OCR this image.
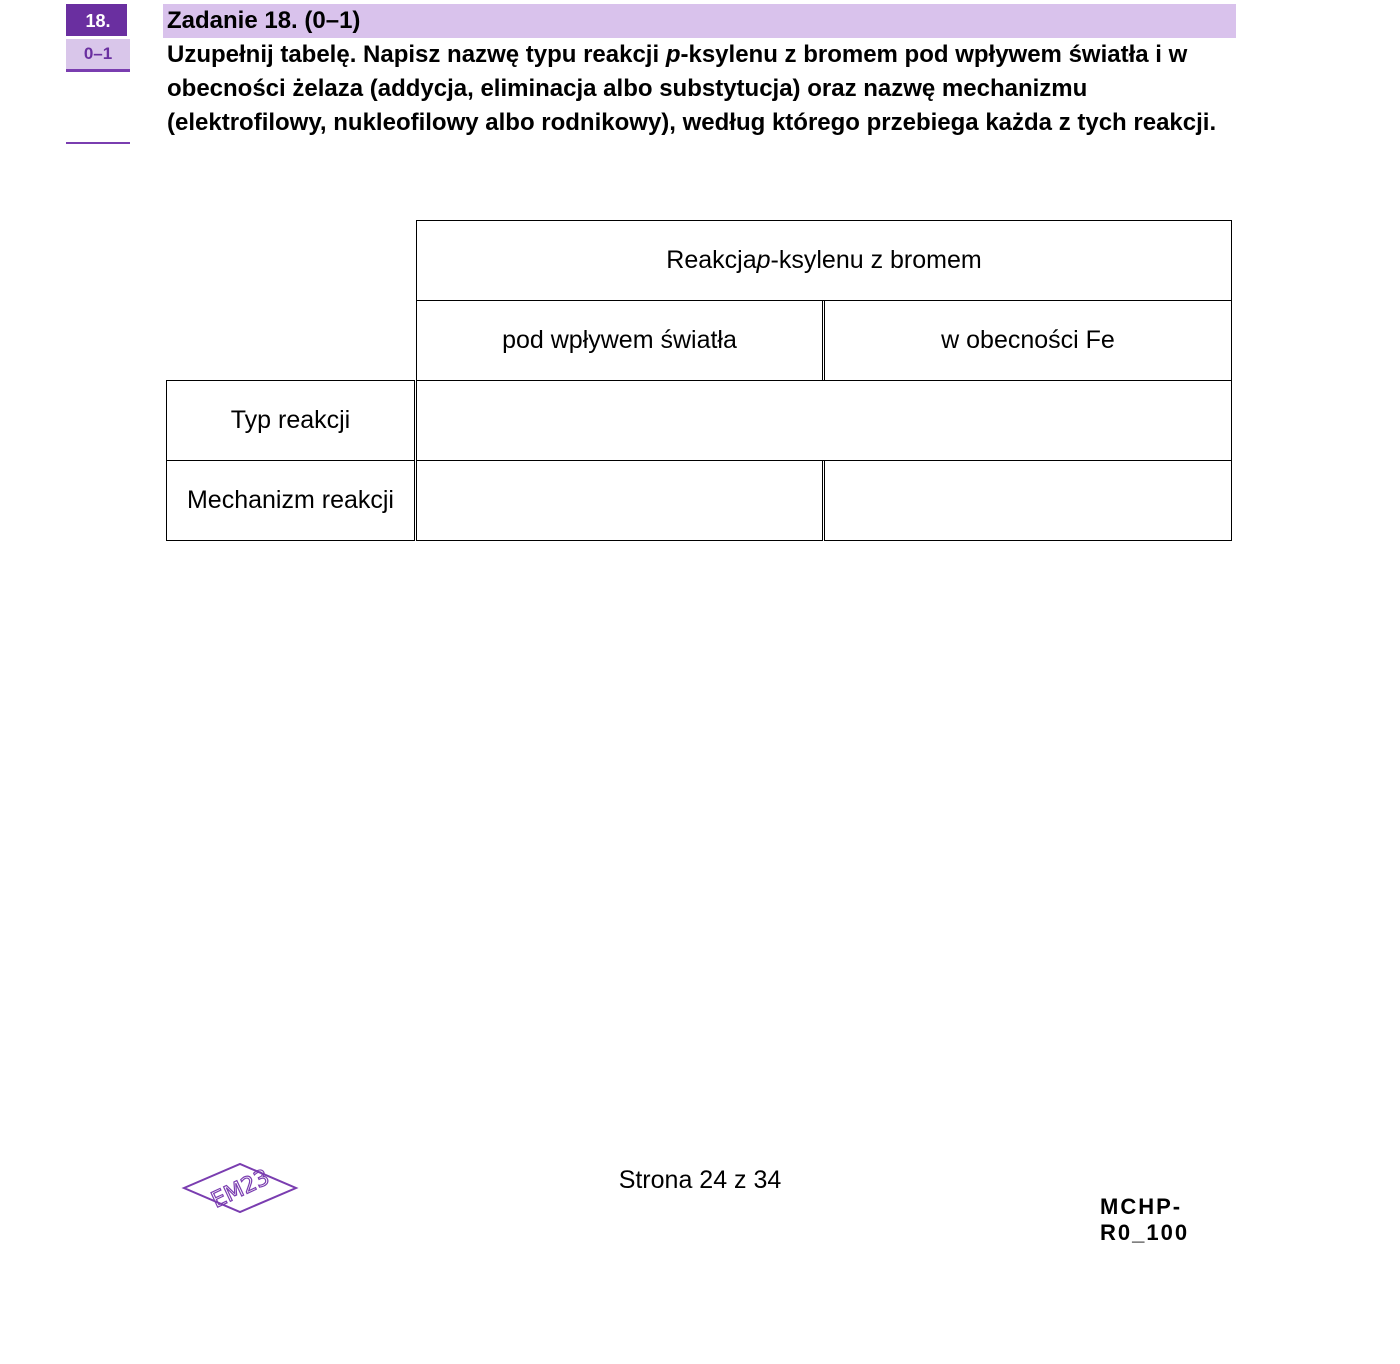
18.
0–1
Zadanie 18. (0–1)
Uzupełnij tabelę. Napisz nazwę typu reakcji p-ksylenu z bromem pod wpływem światła i w obecności żelaza (addycja, eliminacja albo substytucja) oraz nazwę mechanizmu (elektrofilowy, nukleofilowy albo rodnikowy), według którego przebiega każda z tych reakcji.
Reakcja p -ksylenu z bromem
pod wpływem światła	w obecności Fe
Typ reakcji
Mechanizm reakcji
EM23	Strona 24 z 34
MCHP-R0_100
